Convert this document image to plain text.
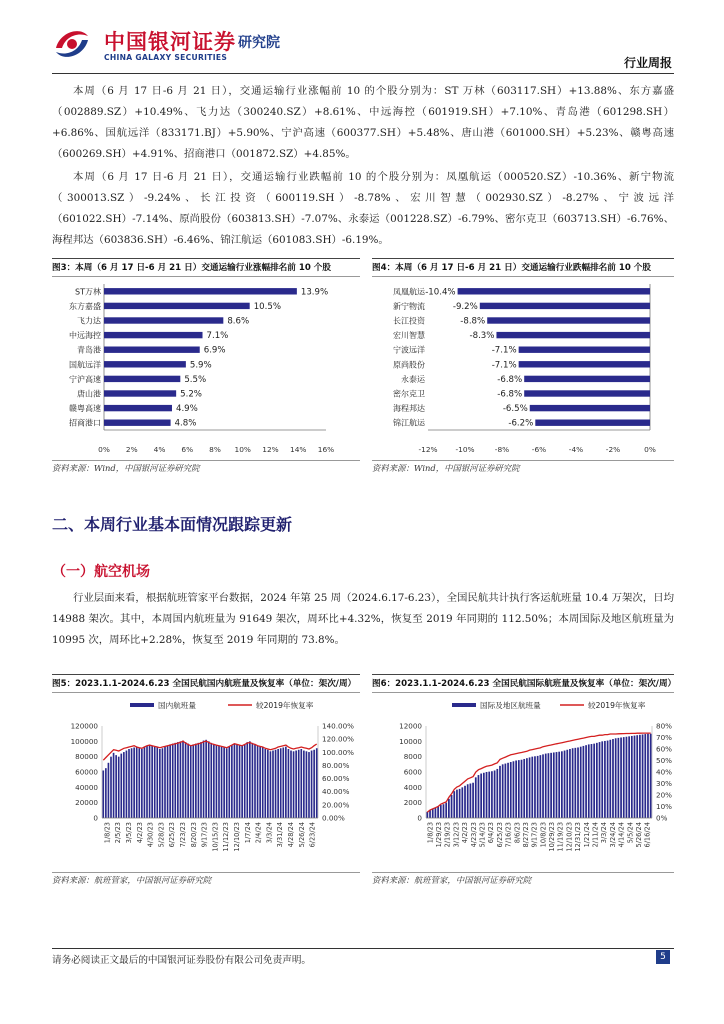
中国银河证券 研究院
CHINA GALAXY SECURITIES	行业周报

本周（6 月 17 日-6 月 21 日），交通运输行业涨幅前 10 的个股分别为：ST 万林（603117.SH）+13.88%、东方嘉盛（002889.SZ）+10.49%、飞力达（300240.SZ）+8.61%、中远海控（601919.SH）+7.10%、青岛港（601298.SH）+6.86%、国航远洋（833171.BJ）+5.90%、宁沪高速（600377.SH）+5.48%、唐山港（601000.SH）+5.23%、赣粤高速（600269.SH）+4.91%、招商港口（001872.SZ）+4.85%。

本周（6 月 17 日-6 月 21 日），交通运输行业跌幅前 10 的个股分别为：凤凰航运（000520.SZ）-10.36%、新宁物流（300013.SZ）-9.24%、长江投资（600119.SH）-8.78%、宏川智慧（002930.SZ）-8.27%、宁波远洋（601022.SH）-7.14%、原尚股份（603813.SH）-7.07%、永泰运（001228.SZ）-6.79%、密尔克卫（603713.SH）-6.76%、海程邦达（603836.SH）-6.46%、锦江航运（601083.SH）-6.19%。

图3：本周（6 月 17 日-6 月 21 日）交通运输行业涨幅排名前 10 个股
ST万林	13.9%
东方嘉盛	10.5%
飞力达	8.6%
中远海控	7.1%
青岛港	6.9%
国航远洋	5.9%
宁沪高速	5.5%
唐山港	5.2%
赣粤高速	4.9%
招商港口	4.8%
0% 2% 4% 6% 8% 10% 12% 14% 16%
资料来源：Wind，中国银河证券研究院
图4：本周（6 月 17 日-6 月 21 日）交通运输行业跌幅排名前 10 个股
凤凰航运 -10.4%
新宁物流	-9.2%
长江投资	-8.8%
宏川智慧	-8.3%
宁波远洋	-7.1%
原尚股份	-7.1%
永泰运	-6.8%
密尔克卫	-6.8%
海程邦达	-6.5%
锦江航运	-6.2%
-12% -10%	-8%	-6%	-4%	-2%	0%
资料来源：Wind，中国银河证券研究院
二、本周行业基本面情况跟踪更新
（一）航空机场

行业层面来看，根据航班管家平台数据，2024 年第 25 周（2024.6.17-6.23），全国民航共计执行客运航班量 10.4 万架次，日均 14988 架次。其中，本周国内航班量为 91649 架次，周环比+4.32%，恢复至 2019 年同期的 112.50%；本周国际及地区航班量为 10995 次，周环比+2.28%，恢复至 2019 年同期的 73.8%。

图5：2023.1.1-2024.6.23 全国民航国内航班量及恢复率（单位：架次/周）
国内航班量	较2019年恢复率
0
20000
40000
60000
80000
100000
120000
0.00%
20.00%
40.00%
60.00%
80.00%
100.00%
120.00%
140.00%
1/8/23 2/5/23 3/5/23 4/2/23 4/30/23 5/28/23 6/25/23 7/23/23 8/20/23 9/17/23 10/15/23 11/12/23 12/10/23 1/7/24 2/4/24 3/3/24 3/31/24 4/28/24 5/26/24 6/23/24
资料来源：航班管家，中国银河证券研究院
图6：2023.1.1-2024.6.23 全国民航国际航班量及恢复率（单位：架次/周）
国际及地区航班量	较2019年恢复率
0
2000
4000
6000
8000
10000
12000
0%
10%
20%
30%
40%
50%
60%
70%
80%
1/8/23 1/29/23 2/19/23 3/12/23 4/2/23 4/23/23 5/14/23 6/4/23 6/25/23 7/16/23 8/6/23 8/27/23 9/17/23 10/8/23 10/29/23 11/19/23 12/10/23 12/31/23 1/21/24 2/11/24 3/3/24 3/24/24 4/14/24 5/5/24 5/26/24 6/16/24
资料来源：航班管家，中国银河证券研究院
请务必阅读正文最后的中国银河证券股份有限公司免责声明。	5
